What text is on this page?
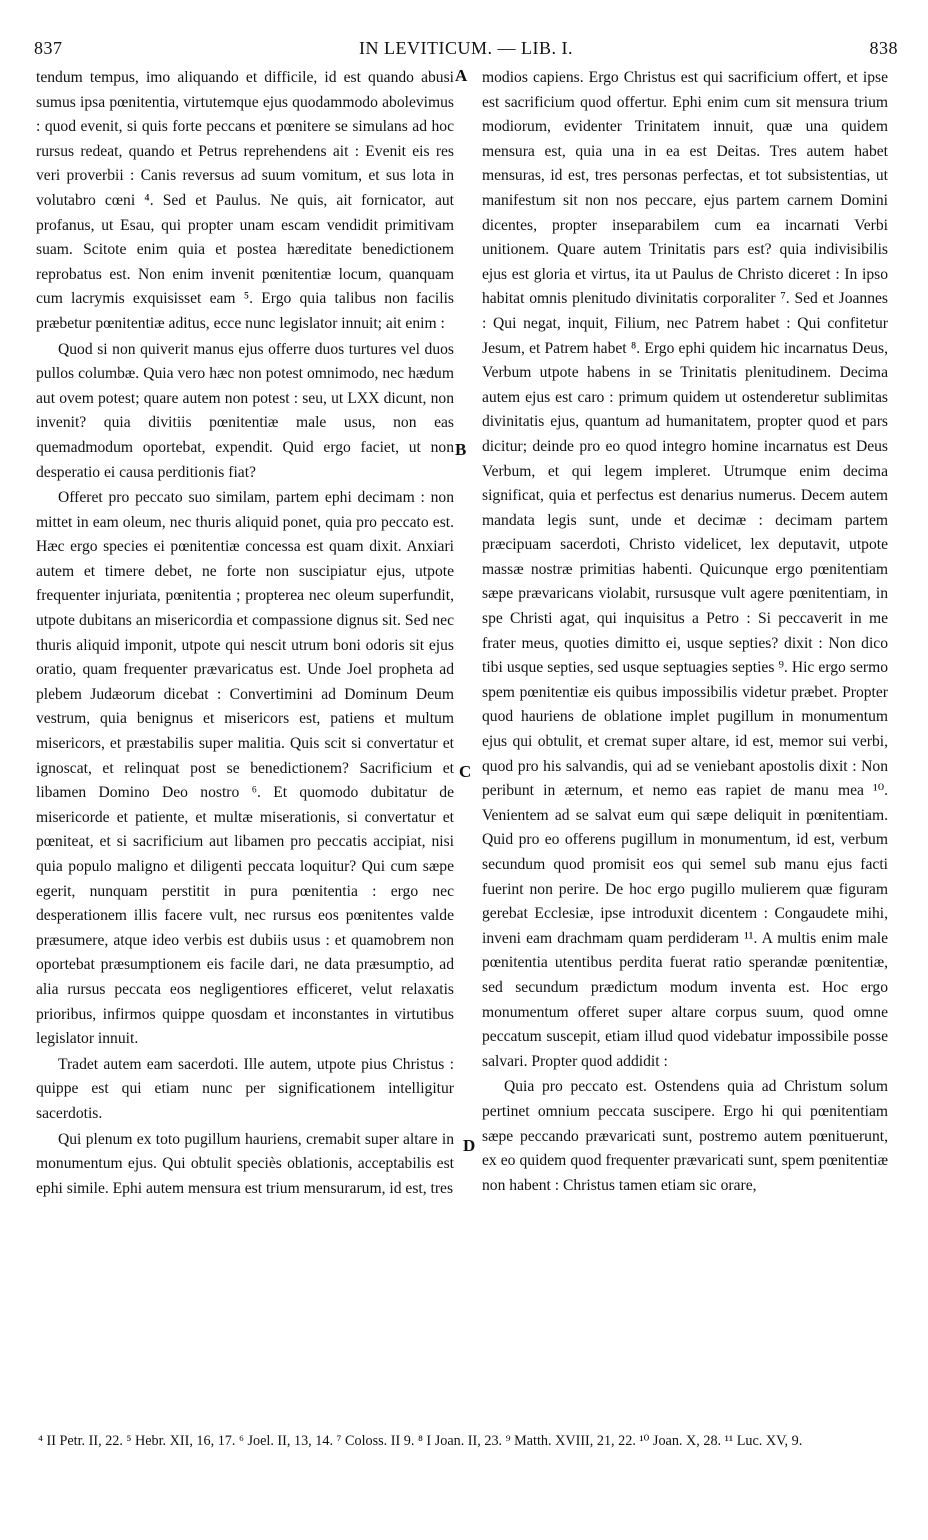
837	IN LEVITICUM. — LIB. I.	838

tendum tempus, imo aliquando et difficile, id est quando abusi sumus ipsa pœnitentia, virtutemque ejus quodammodo abolevimus : quod evenit, si quis forte peccans et pœnitere se simulans ad hoc rursus redeat, quando et Petrus reprehendens ait : Evenit eis res veri proverbii : Canis reversus ad suum vomitum, et sus lota in volutabro cœni ⁴. Sed et Paulus. Ne quis, ait fornicator, aut profanus, ut Esau, qui propter unam escam vendidit primitivam suam. Scitote enim quia et postea hæreditate benedictionem reprobatus est. Non enim invenit pœnitentiæ locum, quanquam cum lacrymis exquisisset eam ⁵. Ergo quia talibus non facilis præbetur pœnitentiæ aditus, ecce nunc legislator innuit; ait enim :

Quod si non quiverit manus ejus offerre duos turtures vel duos pullos columbæ. Quia vero hæc non potest omnimodo, nec hædum aut ovem potest; quare autem non potest : seu, ut LXX dicunt, non invenit? quia divitiis pœnitentiæ male usus, non eas quemadmodum oportebat, expendit. Quid ergo faciet, ut non desperatio ei causa perditionis fiat?

Offeret pro peccato suo similam, partem ephi decimam : non mittet in eam oleum, nec thuris aliquid ponet, quia pro peccato est. Hæc ergo species ei pœnitentiæ concessa est quam dixit. Anxiari autem et timere debet, ne forte non suscipiatur ejus, utpote frequenter injuriata, pœnitentia ; propterea nec oleum superfundit, utpote dubitans an misericordia et compassione dignus sit. Sed nec thuris aliquid imponit, utpote qui nescit utrum boni odoris sit ejus oratio, quam frequenter prævaricatus est. Unde Joel propheta ad plebem Judæorum dicebat : Convertimini ad Dominum Deum vestrum, quia benignus et misericors est, patiens et multum misericors, et præstabilis super malitia. Quis scit si convertatur et ignoscat, et relinquat post se benedictionem? Sacrificium et libamen Domino Deo nostro ⁶. Et quomodo dubitatur de misericorde et patiente, et multæ miserationis, si convertatur et pœniteat, et si sacrificium aut libamen pro peccatis accipiat, nisi quia populo maligno et diligenti peccata loquitur? Qui cum sæpe egerit, nunquam perstitit in pura pœnitentia : ergo nec desperationem illis facere vult, nec rursus eos pœnitentes valde præsumere, atque ideo verbis est dubiis usus : et quamobrem non oportebat præsumptionem eis facile dari, ne data præsumptio, ad alia rursus peccata eos negligentiores efficeret, velut relaxatis prioribus, infirmos quippe quosdam et inconstantes in virtutibus legislator innuit.

Tradet autem eam sacerdoti. Ille autem, utpote pius Christus : quippe est qui etiam nunc per significationem intelligitur sacerdotis.

Qui plenum ex toto pugillum hauriens, cremabit super altare in monumentum ejus. Qui obtulit speciès oblationis, acceptabilis est ephi simile. Ephi autem mensura est trium mensurarum, id est, tres

A
B
C
D

modios capiens. Ergo Christus est qui sacrificium offert, et ipse est sacrificium quod offertur. Ephi enim cum sit mensura trium modiorum, evidenter Trinitatem innuit, quæ una quidem mensura est, quia una in ea est Deitas. Tres autem habet mensuras, id est, tres personas perfectas, et tot subsistentias, ut manifestum sit non nos peccare, ejus partem carnem Domini dicentes, propter inseparabilem cum ea incarnati Verbi unitionem. Quare autem Trinitatis pars est? quia indivisibilis ejus est gloria et virtus, ita ut Paulus de Christo diceret : In ipso habitat omnis plenitudo divinitatis corporaliter ⁷. Sed et Joannes : Qui negat, inquit, Filium, nec Patrem habet : Qui confitetur Jesum, et Patrem habet ⁸. Ergo ephi quidem hic incarnatus Deus, Verbum utpote habens in se Trinitatis plenitudinem. Decima autem ejus est caro : primum quidem ut ostenderetur sublimitas divinitatis ejus, quantum ad humanitatem, propter quod et pars dicitur; deinde pro eo quod integro homine incarnatus est Deus Verbum, et qui legem impleret. Utrumque enim decima significat, quia et perfectus est denarius numerus. Decem autem mandata legis sunt, unde et decimæ : decimam partem præcipuam sacerdoti, Christo videlicet, lex deputavit, utpote massæ nostræ primitias habenti. Quicunque ergo pœnitentiam sæpe prævaricans violabit, rursusque vult agere pœnitentiam, in spe Christi agat, qui inquisitus a Petro : Si peccaverit in me frater meus, quoties dimitto ei, usque septies? dixit : Non dico tibi usque septies, sed usque septuagies septies ⁹. Hic ergo sermo spem pœnitentiæ eis quibus impossibilis videtur præbet. Propter quod hauriens de oblatione implet pugillum in monumentum ejus qui obtulit, et cremat super altare, id est, memor sui verbi, quod pro his salvandis, qui ad se veniebant apostolis dixit : Non peribunt in æternum, et nemo eas rapiet de manu mea ¹⁰. Venientem ad se salvat eum qui sæpe deliquit in pœnitentiam. Quid pro eo offerens pugillum in monumentum, id est, verbum secundum quod promisit eos qui semel sub manu ejus facti fuerint non perire. De hoc ergo pugillo mulierem quæ figuram gerebat Ecclesiæ, ipse introduxit dicentem : Congaudete mihi, inveni eam drachmam quam perdideram ¹¹. A multis enim male pœnitentia utentibus perdita fuerat ratio sperandæ pœnitentiæ, sed secundum prædictum modum inventa est. Hoc ergo monumentum offeret super altare corpus suum, quod omne peccatum suscepit, etiam illud quod videbatur impossibile posse salvari. Propter quod addidit :

Quia pro peccato est. Ostendens quia ad Christum solum pertinet omnium peccata suscipere. Ergo hi qui pœnitentiam sæpe peccando prævaricati sunt, postremo autem pœnituerunt, ex eo quidem quod frequenter prævaricati sunt, spem pœnitentiæ non habent : Christus tamen etiam sic orare,

⁴ II Petr. II, 22. ⁵ Hebr. XII, 16, 17. ⁶ Joel. II, 13, 14. ⁷ Coloss. II 9. ⁸ I Joan. II, 23. ⁹ Matth. XVIII, 21, 22. ¹⁰ Joan. X, 28. ¹¹ Luc. XV, 9.
